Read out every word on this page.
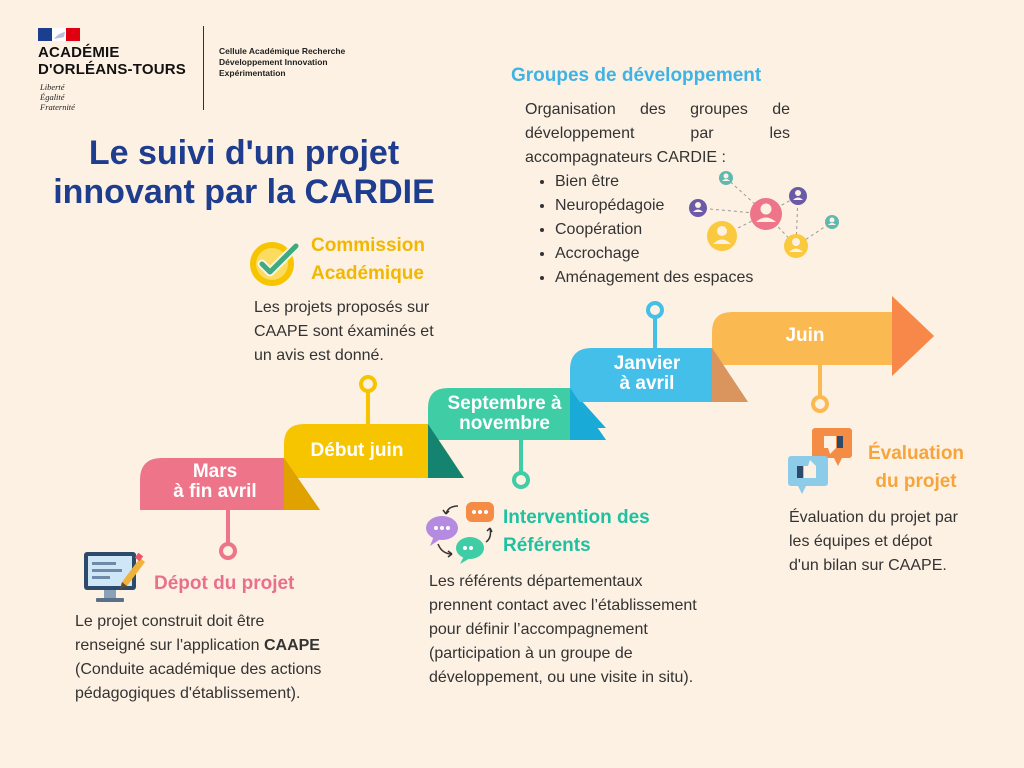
ACADÉMIE
D'ORLÉANS-TOURS
Liberté
Égalité
Fraternité
Cellule Académique Recherche
Développement Innovation
Expérimentation
Le suivi d'un projet
innovant par la CARDIE
Mars
à fin avril
Début juin
Septembre à
novembre
Janvier
à avril
Juin
Dépot du projet
Le projet construit doit être
renseigné sur l'application CAAPE
(Conduite académique des actions
pédagogiques d'établissement).
Commission
Académique
Les projets proposés sur
CAAPE sont éxaminés et
un avis est donné.
Intervention des
Référents
Les référents départementaux
prennent contact avec l’établissement
pour définir l’accompagnement
(participation à un groupe de
développement, ou une visite in situ).
Groupes de développement
Organisation des groupes de
développement par les
accompagnateurs CARDIE :
• Bien être
• Neuropédagoie
• Coopération
• Accrochage
• Aménagement des espaces
Évaluation
du projet
Évaluation du projet par
les équipes et dépot
d'un bilan sur CAAPE.
